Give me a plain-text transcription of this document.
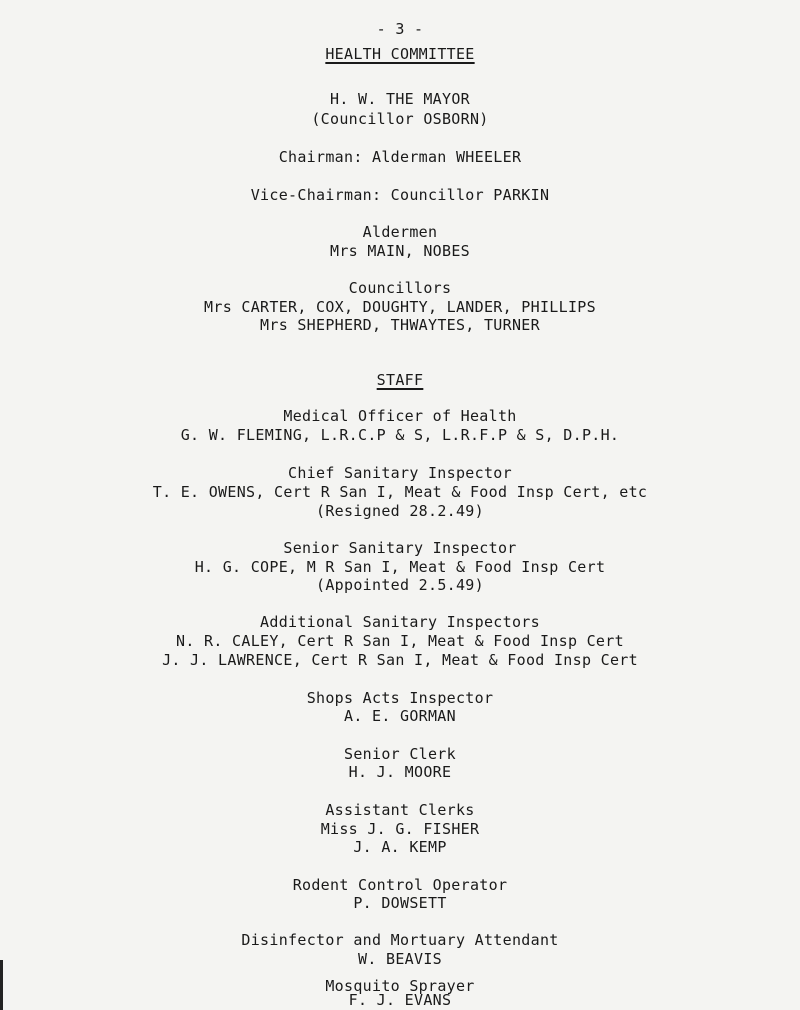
- 3 -
HEALTH COMMITTEE
H. W. THE MAYOR
(Councillor OSBORN)
Chairman: Alderman WHEELER
Vice-Chairman: Councillor PARKIN
Aldermen
Mrs MAIN, NOBES
Councillors
Mrs CARTER, COX, DOUGHTY, LANDER, PHILLIPS
Mrs SHEPHERD, THWAYTES, TURNER
STAFF
Medical Officer of Health
G. W. FLEMING, L.R.C.P & S, L.R.F.P & S, D.P.H.
Chief Sanitary Inspector
T. E. OWENS, Cert R San I, Meat & Food Insp Cert, etc
(Resigned 28.2.49)
Senior Sanitary Inspector
H. G. COPE, M R San I, Meat & Food Insp Cert
(Appointed 2.5.49)
Additional Sanitary Inspectors
N. R. CALEY, Cert R San I, Meat & Food Insp Cert
J. J. LAWRENCE, Cert R San I, Meat & Food Insp Cert
Shops Acts Inspector
A. E. GORMAN
Senior Clerk
H. J. MOORE
Assistant Clerks
Miss J. G. FISHER
J. A. KEMP
Rodent Control Operator
P. DOWSETT
Disinfector and Mortuary Attendant
W. BEAVIS
Mosquito Sprayer
F. J. EVANS
